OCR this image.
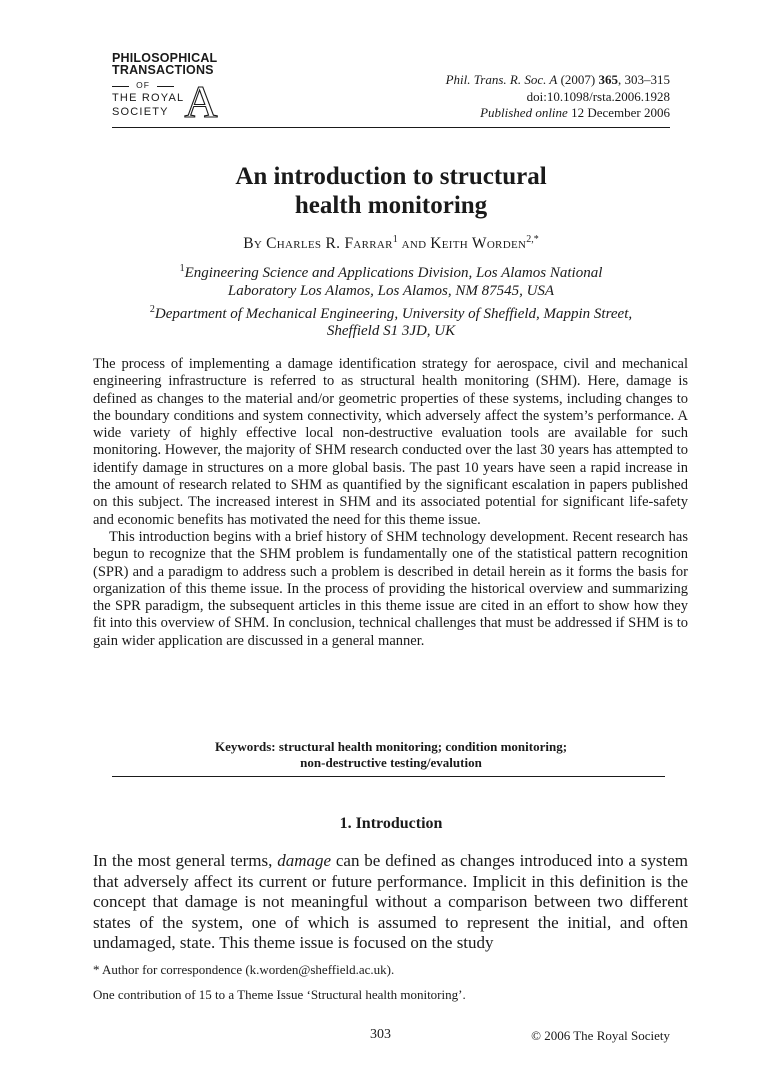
PHILOSOPHICAL
TRANSACTIONS
OF
THE ROYAL
SOCIETY A	Phil. Trans. R. Soc. A (2007) 365, 303–315
doi:10.1098/rsta.2006.1928
Published online 12 December 2006
An introduction to structural
health monitoring
By Charles R. Farrar$^1$ and Keith Worden$^{2,*}$
$^1$Engineering Science and Applications Division, Los Alamos National
Laboratory Los Alamos, Los Alamos, NM 87545, USA
$^2$Department of Mechanical Engineering, University of Sheffield, Mappin Street,
Sheffield S1 3JD, UK

The process of implementing a damage identification strategy for aerospace, civil and mechanical engineering infrastructure is referred to as structural health monitoring (SHM). Here, damage is defined as changes to the material and/or geometric properties of these systems, including changes to the boundary conditions and system connectivity, which adversely affect the system’s performance. A wide variety of highly effective local non-destructive evaluation tools are available for such monitoring. However, the majority of SHM research conducted over the last 30 years has attempted to identify damage in structures on a more global basis. The past 10 years have seen a rapid increase in the amount of research related to SHM as quantified by the significant escalation in papers published on this subject. The increased interest in SHM and its associated potential for significant life-safety and economic benefits has motivated the need for this theme issue.

This introduction begins with a brief history of SHM technology development. Recent research has begun to recognize that the SHM problem is fundamentally one of the statistical pattern recognition (SPR) and a paradigm to address such a problem is described in detail herein as it forms the basis for organization of this theme issue. In the process of providing the historical overview and summarizing the SPR paradigm, the subsequent articles in this theme issue are cited in an effort to show how they fit into this overview of SHM. In conclusion, technical challenges that must be addressed if SHM is to gain wider application are discussed in a general manner.

Keywords: structural health monitoring; condition monitoring;
non-destructive testing/evalution
1. Introduction
In the most general terms, damage can be defined as changes introduced into a system that adversely affect its current or future performance. Implicit in this definition is the concept that damage is not meaningful without a comparison between two different states of the system, one of which is assumed to represent the initial, and often undamaged, state. This theme issue is focused on the study
* Author for correspondence (k.worden@sheffield.ac.uk).
One contribution of 15 to a Theme Issue ‘Structural health monitoring’.
303	© 2006 The Royal Society
